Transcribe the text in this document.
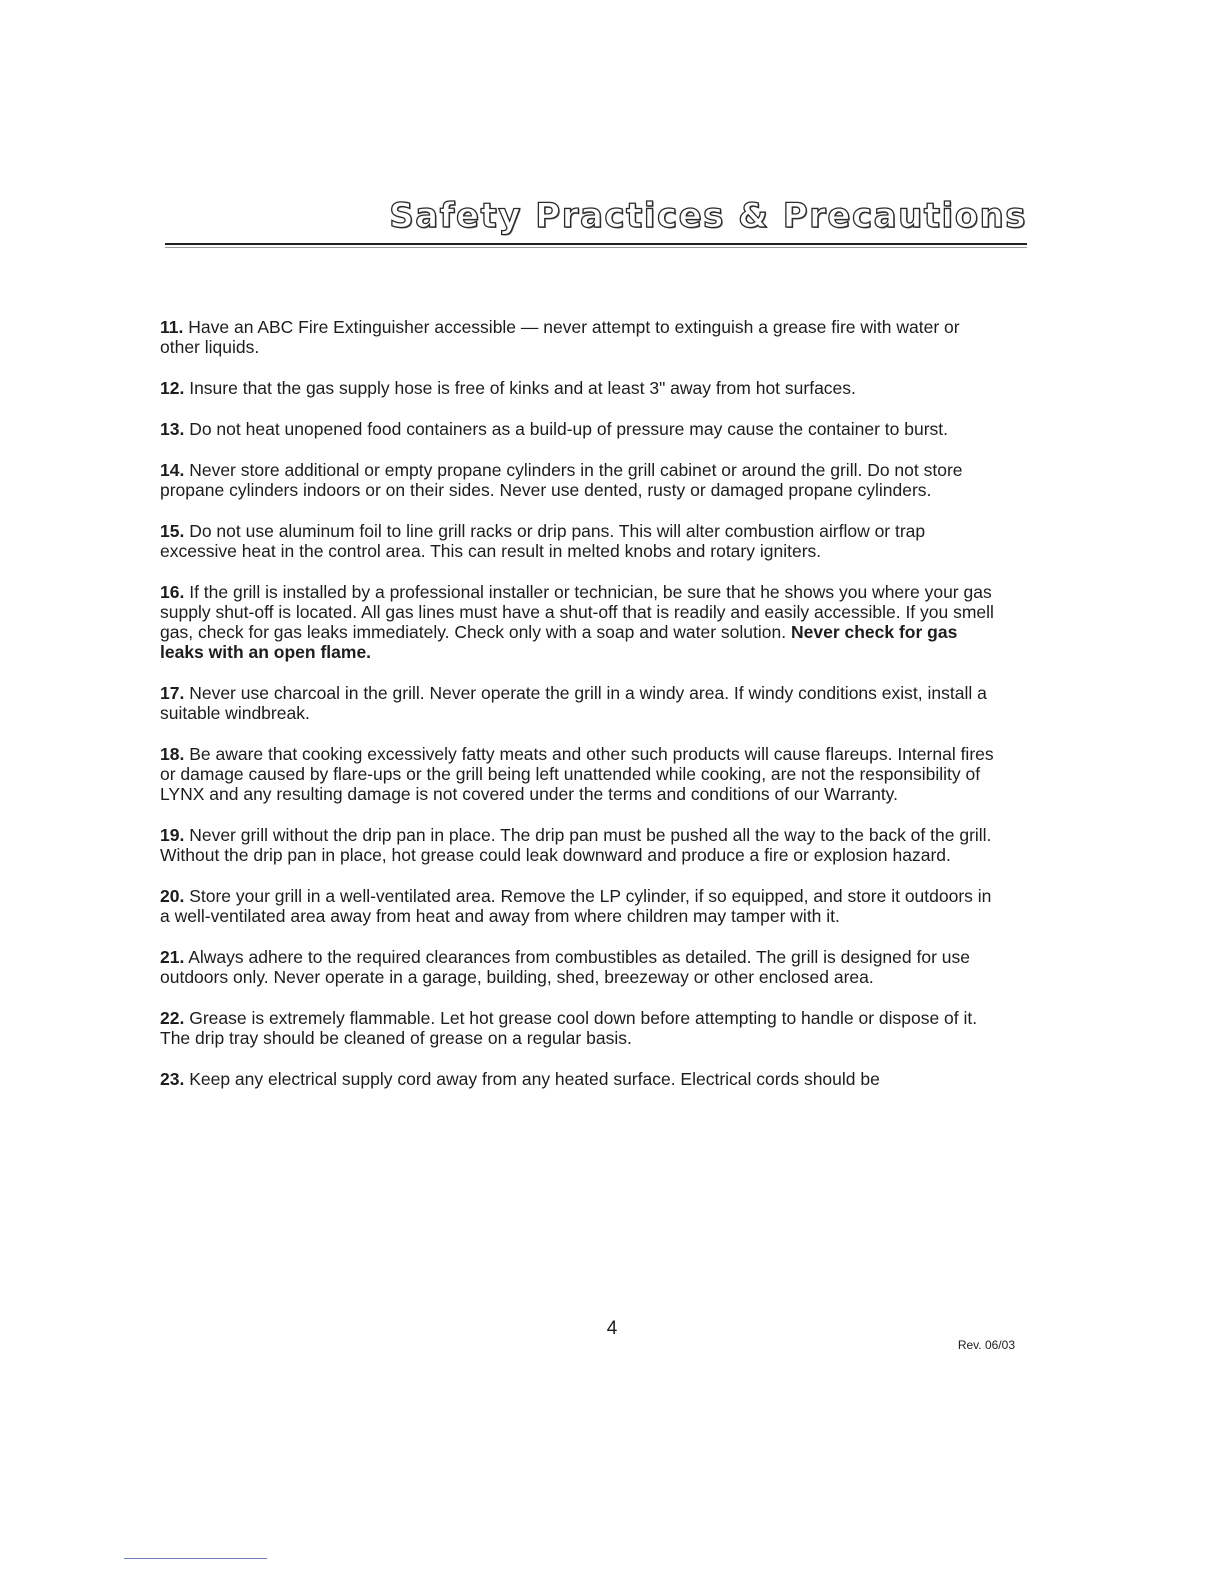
Safety Practices & Precautions

11. Have an ABC Fire Extinguisher accessible — never attempt to extinguish a grease fire with water or other liquids.

12. Insure that the gas supply hose is free of kinks and at least 3" away from hot surfaces.

13. Do not heat unopened food containers as a build-up of pressure may cause the container to burst.

14. Never store additional or empty propane cylinders in the grill cabinet or around the grill. Do not store propane cylinders indoors or on their sides. Never use dented, rusty or damaged propane cylinders.

15. Do not use aluminum foil to line grill racks or drip pans. This will alter combustion airflow or trap excessive heat in the control area. This can result in melted knobs and rotary igniters.

16. If the grill is installed by a professional installer or technician, be sure that he shows you where your gas supply shut-off is located. All gas lines must have a shut-off that is readily and easily accessible. If you smell gas, check for gas leaks immediately. Check only with a soap and water solution. Never check for gas leaks with an open flame.

17. Never use charcoal in the grill. Never operate the grill in a windy area. If windy conditions exist, install a suitable windbreak.

18. Be aware that cooking excessively fatty meats and other such products will cause flareups. Internal fires or damage caused by flare-ups or the grill being left unattended while cooking, are not the responsibility of LYNX and any resulting damage is not covered under the terms and conditions of our Warranty.

19. Never grill without the drip pan in place. The drip pan must be pushed all the way to the back of the grill. Without the drip pan in place, hot grease could leak downward and produce a fire or explosion hazard.

20. Store your grill in a well-ventilated area. Remove the LP cylinder, if so equipped, and store it outdoors in a well-ventilated area away from heat and away from where children may tamper with it.

21. Always adhere to the required clearances from combustibles as detailed. The grill is designed for use outdoors only. Never operate in a garage, building, shed, breezeway or other enclosed area.

22. Grease is extremely flammable. Let hot grease cool down before attempting to handle or dispose of it. The drip tray should be cleaned of grease on a regular basis.

23. Keep any electrical supply cord away from any heated surface. Electrical cords should be

4
Rev. 06/03
